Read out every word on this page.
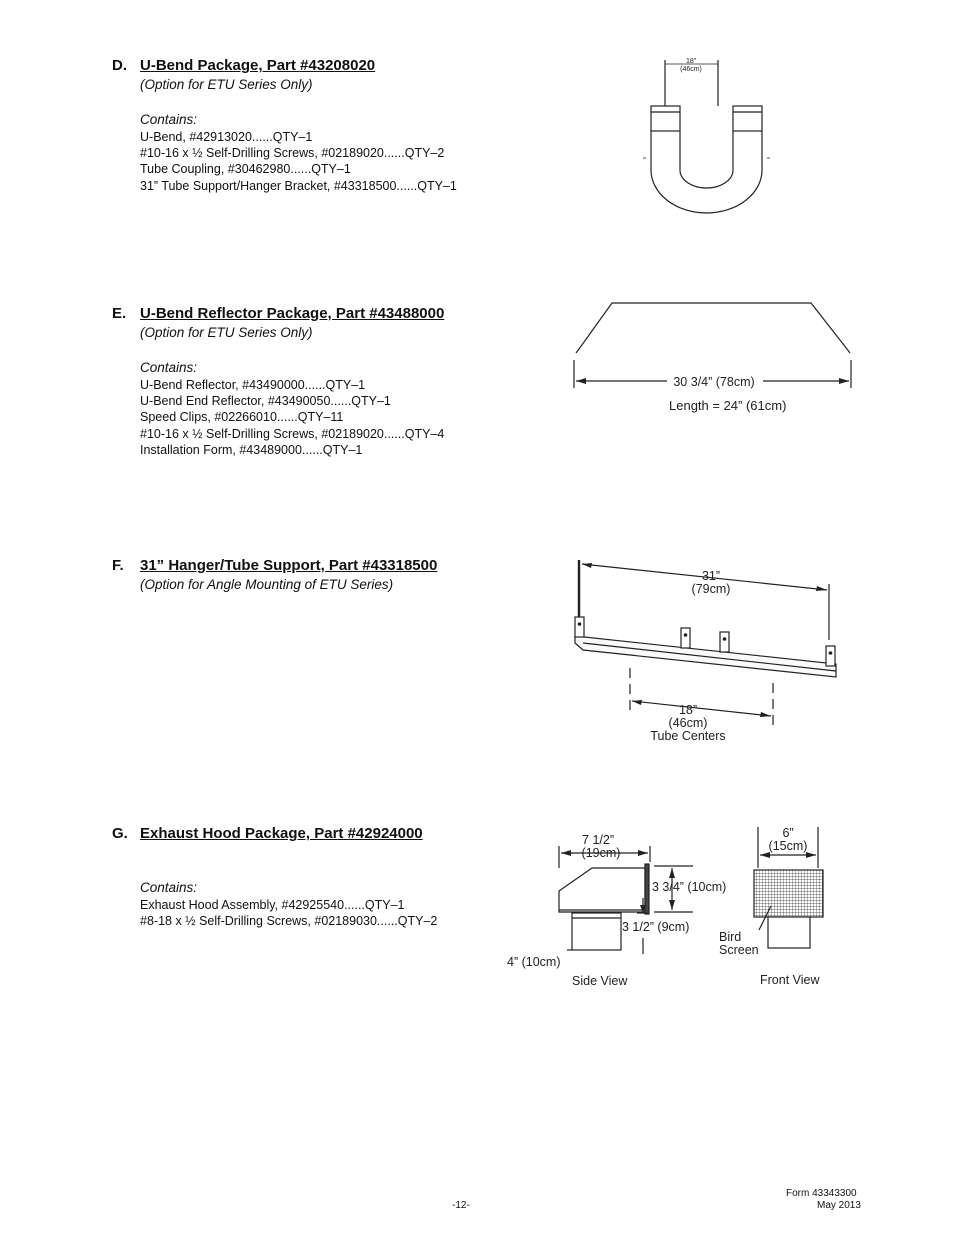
D. U-Bend Package, Part #43208020
(Option for ETU Series Only)
Contains:
U-Bend, #42913020......QTY–1
#10-16 x ½ Self-Drilling Screws, #02189020......QTY–2
Tube Coupling, #30462980......QTY–1
31” Tube Support/Hanger Bracket, #43318500......QTY–1
E. U-Bend Reflector Package, Part #43488000
(Option for ETU Series Only)
Contains:
U-Bend Reflector, #43490000......QTY–1
U-Bend End Reflector, #43490050......QTY–1
Speed Clips, #02266010......QTY–11
#10-16 x ½ Self-Drilling Screws, #02189020......QTY–4
Installation Form, #43489000......QTY–1
F. 31” Hanger/Tube Support, Part #43318500
(Option for Angle Mounting of ETU Series)
G. Exhaust Hood Package, Part #42924000
Contains:
Exhaust Hood Assembly, #42925540......QTY–1
#8-18 x ½ Self-Drilling Screws, #02189030......QTY–2
18”
(46cm)
30 3/4” (78cm)
Length = 24” (61cm)
31”
(79cm)
18”
(46cm)
Tube Centers
7 1/2”
(19cm)
3 3/4” (10cm)
3 1/2” (9cm)
4” (10cm)
Side View
6”
(15cm)
Bird
Screen
Front View
-12-
Form 43343300
May 2013
